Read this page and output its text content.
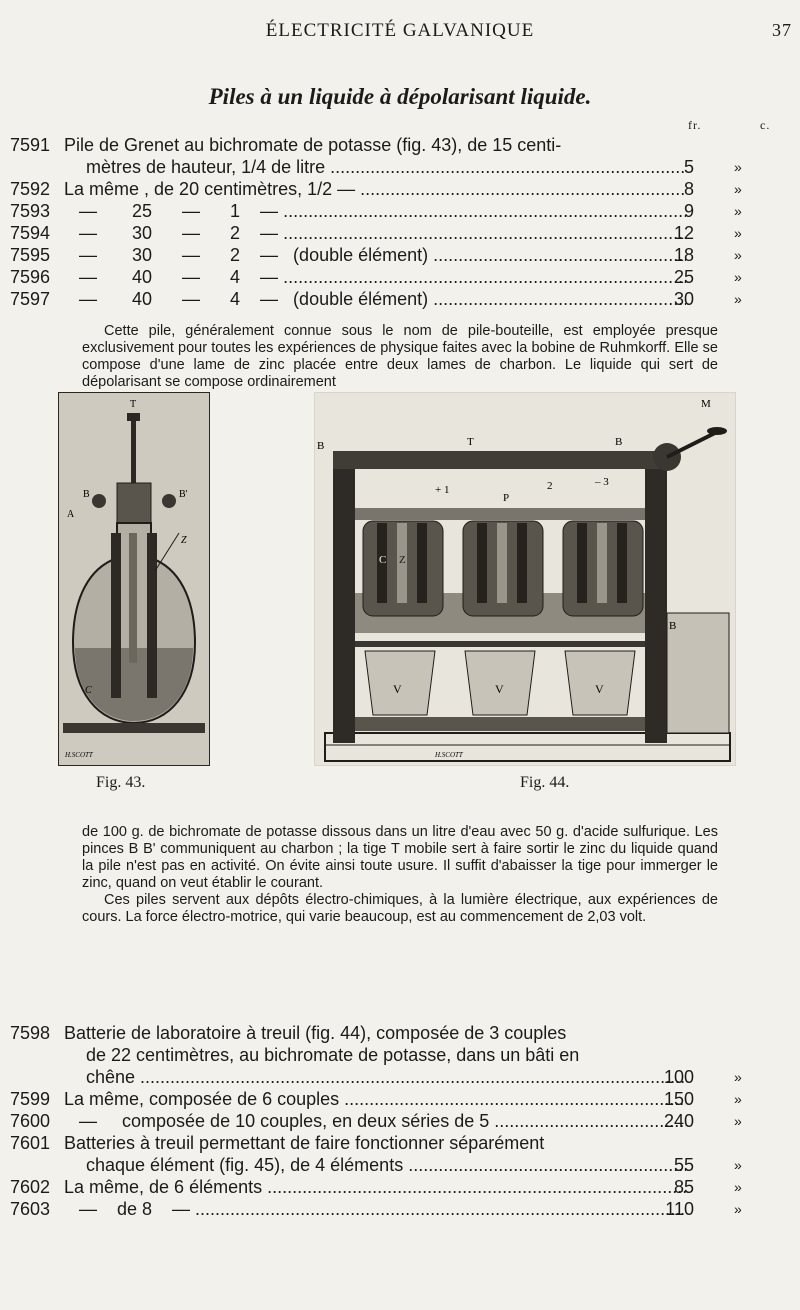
ÉLECTRICITÉ GALVANIQUE	37
Piles à un liquide à dépolarisant liquide.
fr.	c.
7591 Pile de Grenet au bichromate de potasse (fig. 43), de 15 centi-
mètres de hauteur, 1/4 de litre .....	5	»
7592 La même , de 20 centimètres, 1/2 — .....	8	»
7593 —       25      —      1    — .....	9	»
7594 —       30      —      2    — .....	12	»
7595 —       30      —      2    —   (double élément) .....	18	»
7596 —       40      —      4    — .....	25	»
7597 —       40      —      4    —   (double élément) .....	30	»

Cette pile, généralement connue sous le nom de pile-bouteille, est employée presque exclusivement pour toutes les expériences de physique faites avec la bobine de Ruhmkorff. Elle se compose d'une lame de zinc placée entre deux lames de charbon. Le liquide qui sert de dépolarisant se compose ordinairement

T
B	B'
A
Z
C
H.SCOTT
Fig. 43.
B	T	B
M
+ 1	2	– 3
P
C Z
V	V	V
B
H.SCOTT
Fig. 44.

de 100 g. de bichromate de potasse dissous dans un litre d'eau avec 50 g. d'acide sulfurique. Les pinces B B' communiquent au charbon ; la tige T mobile sert à faire sortir le zinc du liquide quand la pile n'est pas en activité. On évite ainsi toute usure. Il suffit d'abaisser la tige pour immerger le zinc, quand on veut établir le courant.

Ces piles servent aux dépôts électro-chimiques, à la lumière électrique, aux expériences de cours. La force électro-motrice, qui varie beaucoup, est au commencement de 2,03 volt.

7598 Batterie de laboratoire à treuil (fig. 44), composée de 3 couples
de 22 centimètres, au bichromate de potasse, dans un bâti en
chêne .....	100	»
7599 La même, composée de 6 couples .....	150	»
7600 —     composée de 10 couples, en deux séries de 5 .....	240	»
7601 Batteries à treuil permettant de faire fonctionner séparément
chaque élément (fig. 45), de 4 éléments .....	55	»
7602 La même, de 6 éléments .....	85	»
7603 —    de 8    — .....	110	»
